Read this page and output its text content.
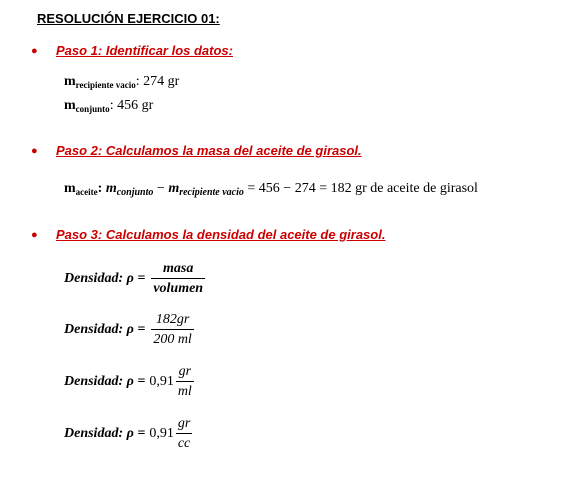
RESOLUCIÓN EJERCICIO 01:
● Paso 1: Identificar los datos:
$m_{recipiente vacio}$: 274 gr
$m_{conjunto}$: 456 gr
● Paso 2: Calculamos la masa del aceite de girasol.
$m_{aceite}$: $m_{conjunto} - m_{recipiente vacio} = 456 - 274 = 182$ gr de aceite de girasol
● Paso 3: Calculamos la densidad del aceite de girasol.
Densidad : $\rho = \frac{\text{masa}}{\text{volumen}}$
Densidad : $\rho = \frac{182gr}{200 ml}$
Densidad : $\rho = 0,91 \frac{gr}{ml}$
Densidad : $\rho = 0,91 \frac{gr}{cc}$
